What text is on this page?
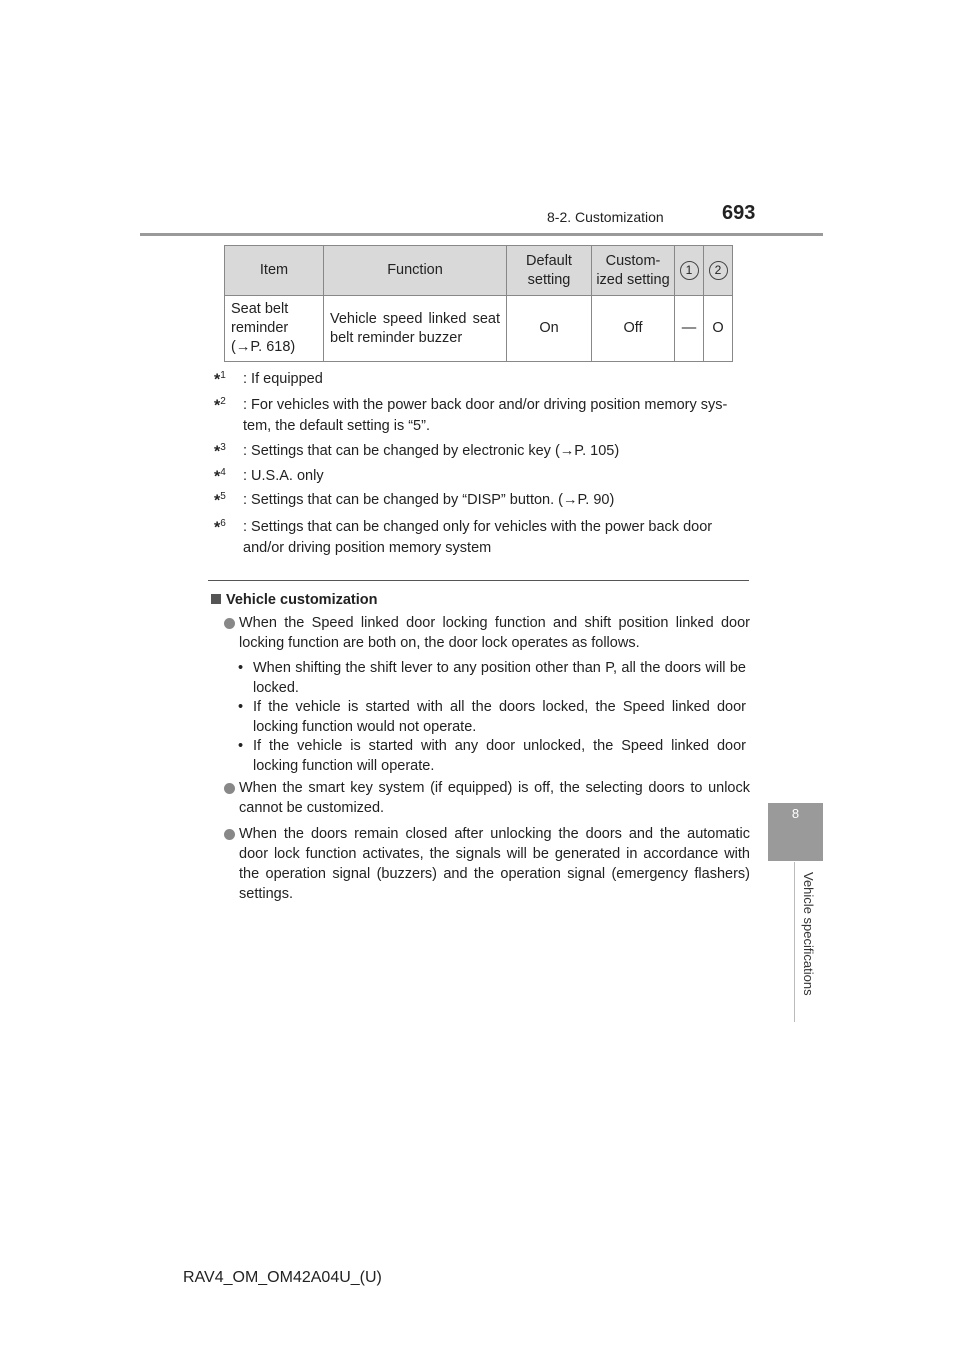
8-2. Customization	693
8
Vehicle specifications
Item	Function	Default setting	Custom-ized setting	1	2
Seat belt
reminder
(→P. 618)	Vehicle speed linked seat belt reminder buzzer	On	Off	—	O
*$^1$	: If equipped
*$^2$	: For vehicles with the power back door and/or driving position memory sys-
tem, the default setting is “5”.
*$^3$	: Settings that can be changed by electronic key (→P. 105)
*$^4$	: U.S.A. only
*$^5$	: Settings that can be changed by “DISP” button. (→P. 90)
*$^6$	: Settings that can be changed only for vehicles with the power back door
and/or driving position memory system
Vehicle customization
When the Speed linked door locking function and shift position linked door locking function are both on, the door lock operates as follows.
• When shifting the shift lever to any position other than P, all the doors will be locked.
• If the vehicle is started with all the doors locked, the Speed linked door locking function would not operate.
• If the vehicle is started with any door unlocked, the Speed linked door locking function will operate.
When the smart key system (if equipped) is off, the selecting doors to unlock cannot be customized.
When the doors remain closed after unlocking the doors and the automatic door lock function activates, the signals will be generated in accordance with the operation signal (buzzers) and the operation signal (emergency flashers) settings.
RAV4_OM_OM42A04U_(U)
